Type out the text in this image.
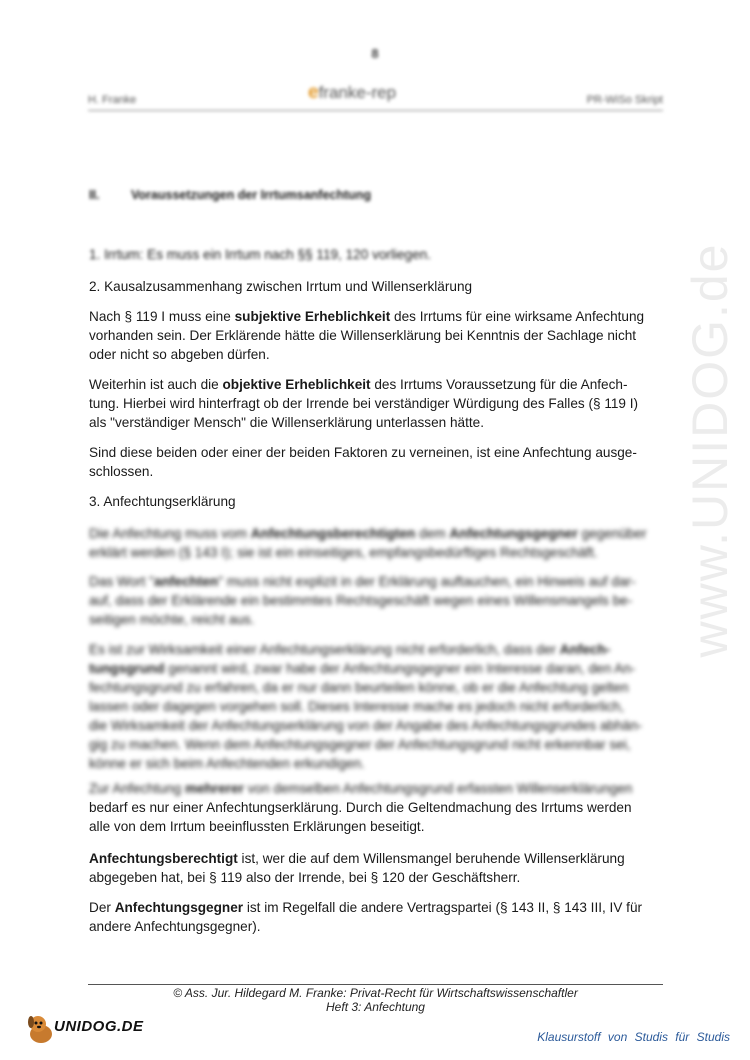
8
H. Franke	efranke-rep	PR-WiSo Skript
www.UNIDOG.de

II.	Voraussetzungen der Irrtumsanfechtung

1. Irrtum: Es muss ein Irrtum nach §§ 119, 120 vorliegen.

2. Kausalzusammenhang zwischen Irrtum und Willenserklärung

Nach § 119 I muss eine subjektive Erheblichkeit des Irrtums für eine wirksame Anfechtung
vorhanden sein. Der Erklärende hätte die Willenserklärung bei Kenntnis der Sachlage nicht
oder nicht so abgeben dürfen.

Weiterhin ist auch die objektive Erheblichkeit des Irrtums Voraussetzung für die Anfech-
tung. Hierbei wird hinterfragt ob der Irrende bei verständiger Würdigung des Falles (§ 119 I)
als "verständiger Mensch" die Willenserklärung unterlassen hätte.

Sind diese beiden oder einer der beiden Faktoren zu verneinen, ist eine Anfechtung ausge-
schlossen.

3. Anfechtungserklärung

Die Anfechtung muss vom Anfechtungsberechtigten dem Anfechtungsgegner gegenüber
erklärt werden (§ 143 I); sie ist ein einseitiges, empfangsbedürftiges Rechtsgeschäft.

Das Wort "anfechten" muss nicht explizit in der Erklärung auftauchen, ein Hinweis auf dar-
auf, dass der Erklärende ein bestimmtes Rechtsgeschäft wegen eines Willensmangels be-
seitigen möchte, reicht aus.

Es ist zur Wirksamkeit einer Anfechtungserklärung nicht erforderlich, dass der Anfech-
tungsgrund genannt wird, zwar habe der Anfechtungsgegner ein Interesse daran, den An-
fechtungsgrund zu erfahren, da er nur dann beurteilen könne, ob er die Anfechtung gelten
lassen oder dagegen vorgehen soll. Dieses Interesse mache es jedoch nicht erforderlich,
die Wirksamkeit der Anfechtungserklärung von der Angabe des Anfechtungsgrundes abhän-
gig zu machen. Wenn dem Anfechtungsgegner der Anfechtungsgrund nicht erkennbar sei,
könne er sich beim Anfechtenden erkundigen.

Zur Anfechtung mehrerer von demselben Anfechtungsgrund erfassten Willenserklärungen
bedarf es nur einer Anfechtungserklärung. Durch die Geltendmachung des Irrtums werden
alle von dem Irrtum beeinflussten Erklärungen beseitigt.

Anfechtungsberechtigt ist, wer die auf dem Willensmangel beruhende Willenserklärung
abgegeben hat, bei § 119 also der Irrende, bei § 120 der Geschäftsherr.

Der Anfechtungsgegner ist im Regelfall die andere Vertragspartei (§ 143 II, § 143 III, IV für
andere Anfechtungsgegner).

© Ass. Jur. Hildegard M. Franke: Privat-Recht für Wirtschaftswissenschaftler
Heft 3: Anfechtung
UNIDOG.DE
Klausurstoff von Studis für Studis
